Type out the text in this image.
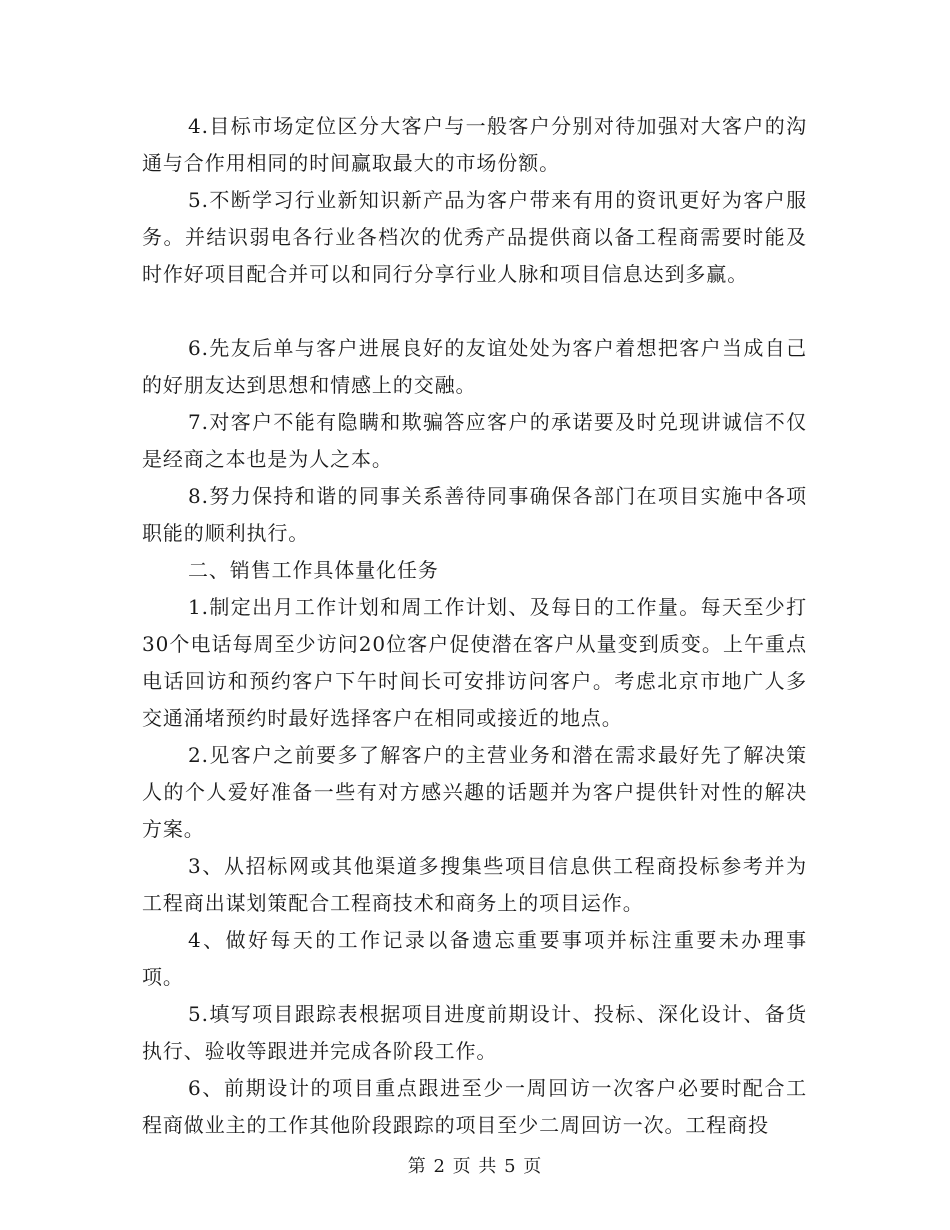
4.目标市场定位区分大客户与一般客户分别对待加强对大客户的沟通与合作用相同的时间赢取最大的市场份额。

5.不断学习行业新知识新产品为客户带来有用的资讯更好为客户服务。并结识弱电各行业各档次的优秀产品提供商以备工程商需要时能及时作好项目配合并可以和同行分享行业人脉和项目信息达到多赢。

6.先友后单与客户进展良好的友谊处处为客户着想把客户当成自己的好朋友达到思想和情感上的交融。

7.对客户不能有隐瞒和欺骗答应客户的承诺要及时兑现讲诚信不仅是经商之本也是为人之本。

8.努力保持和谐的同事关系善待同事确保各部门在项目实施中各项职能的顺利执行。

二、销售工作具体量化任务

1.制定出月工作计划和周工作计划、及每日的工作量。每天至少打30个电话每周至少访问20位客户促使潜在客户从量变到质变。上午重点电话回访和预约客户下午时间长可安排访问客户。考虑北京市地广人多交通涌堵预约时最好选择客户在相同或接近的地点。

2.见客户之前要多了解客户的主营业务和潜在需求最好先了解决策人的个人爱好准备一些有对方感兴趣的话题并为客户提供针对性的解决方案。

3、从招标网或其他渠道多搜集些项目信息供工程商投标参考并为工程商出谋划策配合工程商技术和商务上的项目运作。

4、做好每天的工作记录以备遗忘重要事项并标注重要未办理事项。

5.填写项目跟踪表根据项目进度前期设计、投标、深化设计、备货执行、验收等跟进并完成各阶段工作。

6、前期设计的项目重点跟进至少一周回访一次客户必要时配合工程商做业主的工作其他阶段跟踪的项目至少二周回访一次。工程商投

第 2 页 共 5 页
